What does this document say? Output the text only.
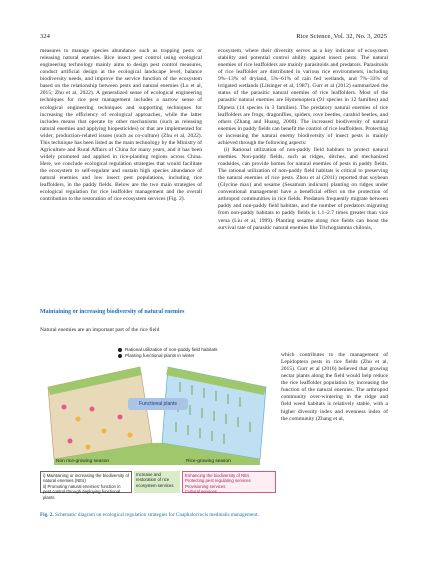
324	Rice Science, Vol. 32, No. 3, 2025

measures to manage species abundance such as trapping pests or releasing natural enemies. Rice insect pest control using ecological engineering technology mainly aims to design pest control measures, conduct artificial design at the ecological landscape level, balance biodiversity needs, and improve the service function of the ecosystem based on the relationship between pests and natural enemies (Lu et al, 2015; Zhu et al, 2022). A generalized sense of ecological engineering techniques for rice pest management includes a narrow sense of ecological engineering techniques and supporting techniques for increasing the efficiency of ecological approaches, while the latter includes means that operate by other mechanisms (such as releasing natural enemies and applying biopesticides) or that are implemented for wider, production-related issues (such as co-culture) (Zhu et al, 2022). This technique has been listed as the main technology by the Ministry of Agriculture and Rural Affairs of China for many years, and it has been widely promoted and applied in rice-planting regions across China. Here, we conclude ecological regulation strategies that would facilitate the ecosystem to self-regulate and sustain high species abundance of natural enemies and low insect pest populations, including rice leaffolders, in the paddy fields. Below are the two main strategies of ecological regulation for rice leaffolder management and the overall contribution to the restoration of rice ecosystem services (Fig. 2).

Maintaining or increasing biodiversity of natural enemies
Natural enemies are an important part of the rice field

ecosystem, where their diversity serves as a key indicator of ecosystem stability and potential control ability against insect pests. The natural enemies of rice leaffolders are mainly parasitoids and predators. Parasitoids of rice leaffolder are distributed in various rice environments, including 9%–13% of dryland, 5%–61% of rain fed wetlands, and 7%–33% of irrigated wetlands (Litsinger et al, 1987). Gurr et al (2012) summarized the status of the parasitic natural enemies of rice leaffolders. Most of the parasitic natural enemies are Hymenoptera (91 species in 12 families) and Diptera (14 species in 3 families). The predatory natural enemies of rice leaffolders are frogs, dragonflies, spiders, rove beetles, carabid beetles, and others (Zhang and Huang, 2000). The increased biodiversity of natural enemies in paddy fields can benefit the control of rice leaffolders. Protecting or increasing the natural enemy biodiversity of insect pests is mainly achieved through the following aspects:

(i) Rational utilization of non-paddy field habitats to protect natural enemies. Non-paddy fields, such as ridges, ditches, and mechanized roadsides, can provide homes for natural enemies of pests in paddy fields. The rational utilization of non-paddy field habitats is critical to preserving the natural enemies of rice pests. Zhou et al (2011) reported that soybean (Glycine max) and sesame (Sesamum indicum) planting on ridges under conventional management have a beneficial effect on the protection of arthropod communities in rice fields. Predators frequently migrate between paddy and non-paddy field habitats, and the number of predators migrating from non-paddy habitats to paddy fields is 1.1–2.7 times greater than vice versa (Liu et al, 1999). Planting sesame along rice fields can boost the survival rate of parasitic natural enemies like Trichogramma chilonis,

which contributes to the management of Lepidoptera pests in rice fields (Zhu et al, 2015). Gurr et al (2016) believed that growing nectar plants along the field would help reduce the rice leaffolder population by increasing the function of the natural enemies. The arthropod community over-wintering in the ridge and field weed habitats is relatively stable, with a higher diversity index and evenness index of the community (Zhang et al,

Rational utilization of non-paddy field habitats
Planting functional plants in winter
Functional plants
Non rice-growing season	Rice-growing season
i) Maintaining or increasing the biodiversity of natural enemies (NEs)
ii) Promoting natural enemies' function in pest control through deploying functional plants
Increase and restoration of rice ecosystem services
Enhancing the biodiversity of NEs
Protecting pest regulating services
Provisioning services
Cultural services
Fig. 2. Schematic diagram on ecological regulation strategies for Cnaphalocrocis medinalis management.
